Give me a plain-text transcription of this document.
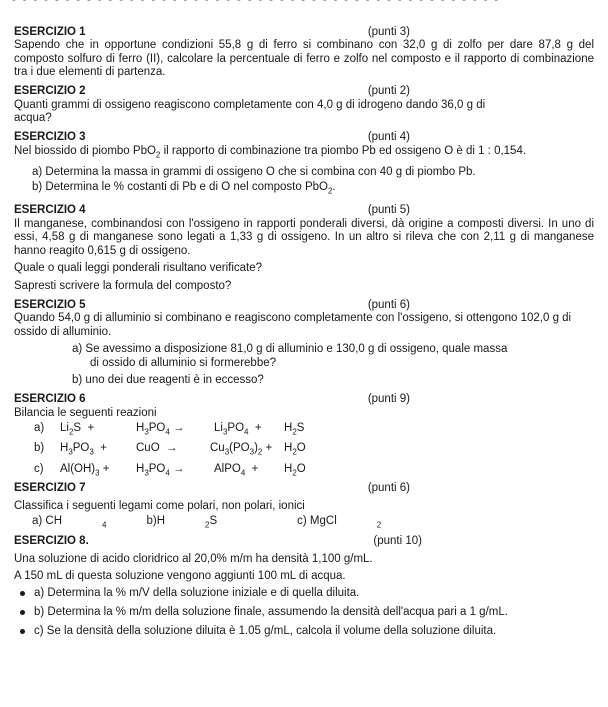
ESERCIZIO 1	(punti 3)

Sapendo che in opportune condizioni 55,8 g di ferro si combinano con 32,0 g di zolfo per dare 87,8 g del composto solfuro di ferro (II), calcolare la percentuale di ferro e zolfo nel composto e il rapporto di combinazione tra i due elementi di partenza.

ESERCIZIO 2	(punti 2)

Quanti grammi di ossigeno reagiscono completamente con 4,0 g di idrogeno dando 36,0 g di acqua?

ESERCIZIO 3	(punti 4)

Nel biossido di piombo PbO$_2$ il rapporto di combinazione tra piombo Pb ed ossigeno O è di 1 : 0,154.

a) Determina la massa in grammi di ossigeno O che si combina con 40 g di piombo Pb.
b) Determina le % costanti di Pb e di O nel composto PbO$_2$.
ESERCIZIO 4	(punti 5)

Il manganese, combinandosi con l'ossigeno in rapporti ponderali diversi, dà origine a composti diversi. In uno di essi, 4,58 g di manganese sono legati a 1,33 g di ossigeno. In un altro si rileva che con 2,11 g di manganese hanno reagito 0,615 g di ossigeno.

Quale o quali leggi ponderali risultano verificate?

Sapresti scrivere la formula del composto?

ESERCIZIO 5	(punti 6)

Quando 54,0 g di alluminio si combinano e reagiscono completamente con l'ossigeno, si ottengono 102,0 g di ossido di alluminio.

a) Se avessimo a disposizione 81,0 g di alluminio e 130,0 g di ossigeno, quale massa
di ossido di alluminio si formerebbe?
b) uno dei due reagenti è in eccesso?
ESERCIZIO 6	(punti 9)

Bilancia le seguenti reazioni

a)	$Li_2S$  +	$H_3PO_4$ →	$Li_3PO_4$  +	$H_2S$
b)	$H_3PO_3$  +	CuO  →	$Cu_3(PO_3)_2 + H_2O$
c)	$Al(OH)_3$ +	$H_3PO_4$ →	AlPO$_4$  +	$H_2O$
ESERCIZIO 7	(punti 6)

Classifica i seguenti legami come polari, non polari, ionici

a) CH	$_4$	b)H	$_2$S	c) MgCl	$_2$
ESERCIZIO 8.	(punti 10)

Una soluzione di acido cloridrico al 20,0% m/m ha densità 1,100 g/mL.

A 150 mL di questa soluzione vengono aggiunti 100 mL di acqua.

a) Determina la % m/V della soluzione iniziale e di quella diluita.
b) Determina la % m/m della soluzione finale, assumendo la densità dell'acqua pari a 1 g/mL.
c) Se la densità della soluzione diluita è 1.05 g/mL, calcola il volume della soluzione diluita.
